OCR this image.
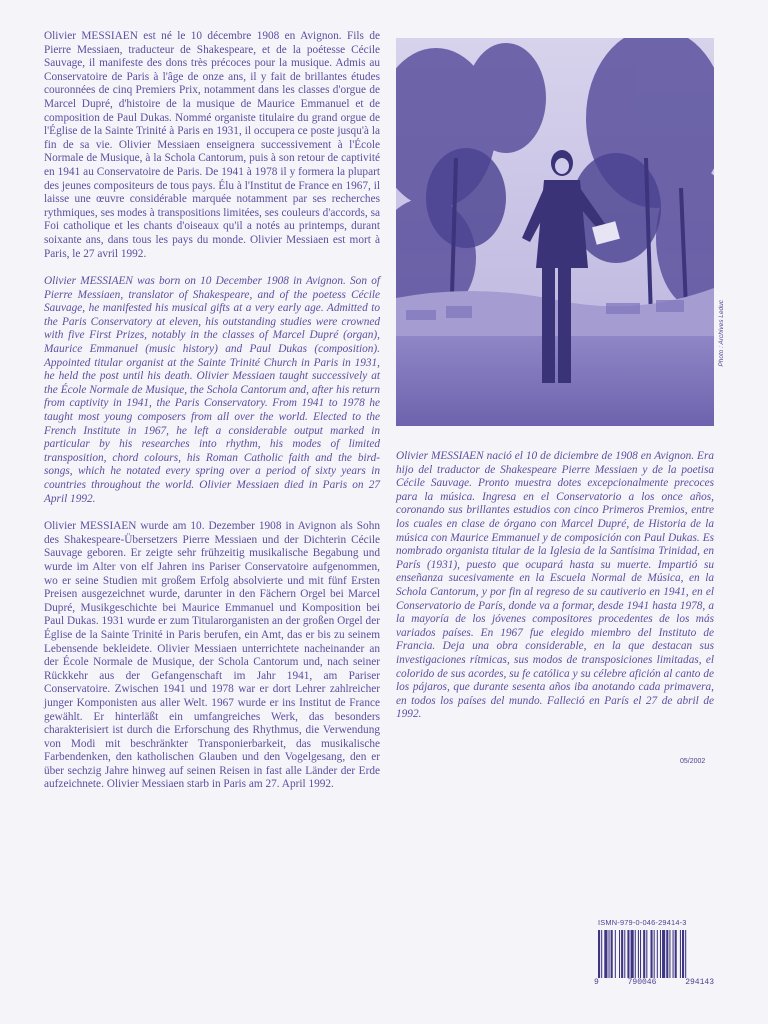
Olivier MESSIAEN est né le 10 décembre 1908 en Avignon. Fils de Pierre Messiaen, traducteur de Shakespeare, et de la poétesse Cécile Sauvage, il manifeste des dons très précoces pour la musique. Admis au Conservatoire de Paris à l'âge de onze ans, il y fait de brillantes études couronnées de cinq Premiers Prix, notamment dans les classes d'orgue de Marcel Dupré, d'histoire de la musique de Maurice Emmanuel et de composition de Paul Dukas. Nommé organiste titulaire du grand orgue de l'Église de la Sainte Trinité à Paris en 1931, il occupera ce poste jusqu'à la fin de sa vie. Olivier Messiaen enseignera successivement à l'École Normale de Musique, à la Schola Cantorum, puis à son retour de captivité en 1941 au Conservatoire de Paris. De 1941 à 1978 il y formera la plupart des jeunes compositeurs de tous pays. Élu à l'Institut de France en 1967, il laisse une œuvre considérable marquée notamment par ses recherches rythmiques, ses modes à transpositions limitées, ses couleurs d'accords, sa Foi catholique et les chants d'oiseaux qu'il a notés au printemps, durant soixante ans, dans tous les pays du monde. Olivier Messiaen est mort à Paris, le 27 avril 1992.

Olivier MESSIAEN was born on 10 December 1908 in Avignon. Son of Pierre Messiaen, translator of Shakespeare, and of the poetess Cécile Sauvage, he manifested his musical gifts at a very early age. Admitted to the Paris Conservatory at eleven, his outstanding studies were crowned with five First Prizes, notably in the classes of Marcel Dupré (organ), Maurice Emmanuel (music history) and Paul Dukas (composition). Appointed titular organist at the Sainte Trinité Church in Paris in 1931, he held the post until his death. Olivier Messiaen taught successively at the École Normale de Musique, the Schola Cantorum and, after his return from captivity in 1941, the Paris Conservatory. From 1941 to 1978 he taught most young composers from all over the world. Elected to the French Institute in 1967, he left a considerable output marked in particular by his researches into rhythm, his modes of limited transposition, chord colours, his Roman Catholic faith and the bird-songs, which he notated every spring over a period of sixty years in countries throughout the world. Olivier Messiaen died in Paris on 27 April 1992.

Olivier MESSIAEN wurde am 10. Dezember 1908 in Avignon als Sohn des Shakespeare-Übersetzers Pierre Messiaen und der Dichterin Cécile Sauvage geboren. Er zeigte sehr frühzeitig musikalische Begabung und wurde im Alter von elf Jahren ins Pariser Conservatoire aufgenommen, wo er seine Studien mit großem Erfolg absolvierte und mit fünf Ersten Preisen ausgezeichnet wurde, darunter in den Fächern Orgel bei Marcel Dupré, Musikgeschichte bei Maurice Emmanuel und Komposition bei Paul Dukas. 1931 wurde er zum Titularorganisten an der großen Orgel der Église de la Sainte Trinité in Paris berufen, ein Amt, das er bis zu seinem Lebensende bekleidete. Olivier Messiaen unterrichtete nacheinander an der École Normale de Musique, der Schola Cantorum und, nach seiner Rückkehr aus der Gefangenschaft im Jahr 1941, am Pariser Conservatoire. Zwischen 1941 und 1978 war er dort Lehrer zahlreicher junger Komponisten aus aller Welt. 1967 wurde er ins Institut de France gewählt. Er hinterläßt ein umfangreiches Werk, das besonders charakterisiert ist durch die Erforschung des Rhythmus, die Verwendung von Modi mit beschränkter Transponierbarkeit, das musikalische Farbendenken, den katholischen Glauben und den Vogelgesang, den er über sechzig Jahre hinweg auf seinen Reisen in fast alle Länder der Erde aufzeichnete. Olivier Messiaen starb in Paris am 27. April 1992.

Photo : Archives Leduc

Olivier MESSIAEN nació el 10 de diciembre de 1908 en Avignon. Era hijo del traductor de Shakespeare Pierre Messiaen y de la poetisa Cécile Sauvage. Pronto muestra dotes excepcionalmente precoces para la música. Ingresa en el Conservatorio a los once años, coronando sus brillantes estudios con cinco Primeros Premios, entre los cuales en clase de órgano con Marcel Dupré, de Historia de la música con Maurice Emmanuel y de composición con Paul Dukas. Es nombrado organista titular de la Iglesia de la Santísima Trinidad, en París (1931), puesto que ocupará hasta su muerte. Impartió su enseñanza sucesivamente en la Escuela Normal de Música, en la Schola Cantorum, y por fin al regreso de su cautiverio en 1941, en el Conservatorio de París, donde va a formar, desde 1941 hasta 1978, a la mayoría de los jóvenes compositores procedentes de los más variados países. En 1967 fue elegido miembro del Instituto de Francia. Deja una obra considerable, en la que destacan sus investigaciones rítmicas, sus modos de transposiciones limitadas, el colorido de sus acordes, su fe católica y su célebre afición al canto de los pájaros, que durante sesenta años iba anotando cada primavera, en todos los países del mundo. Falleció en París el 27 de abril de 1992.

05/2002
ISMN-979-0-046-29414-3
9	790046	294143
